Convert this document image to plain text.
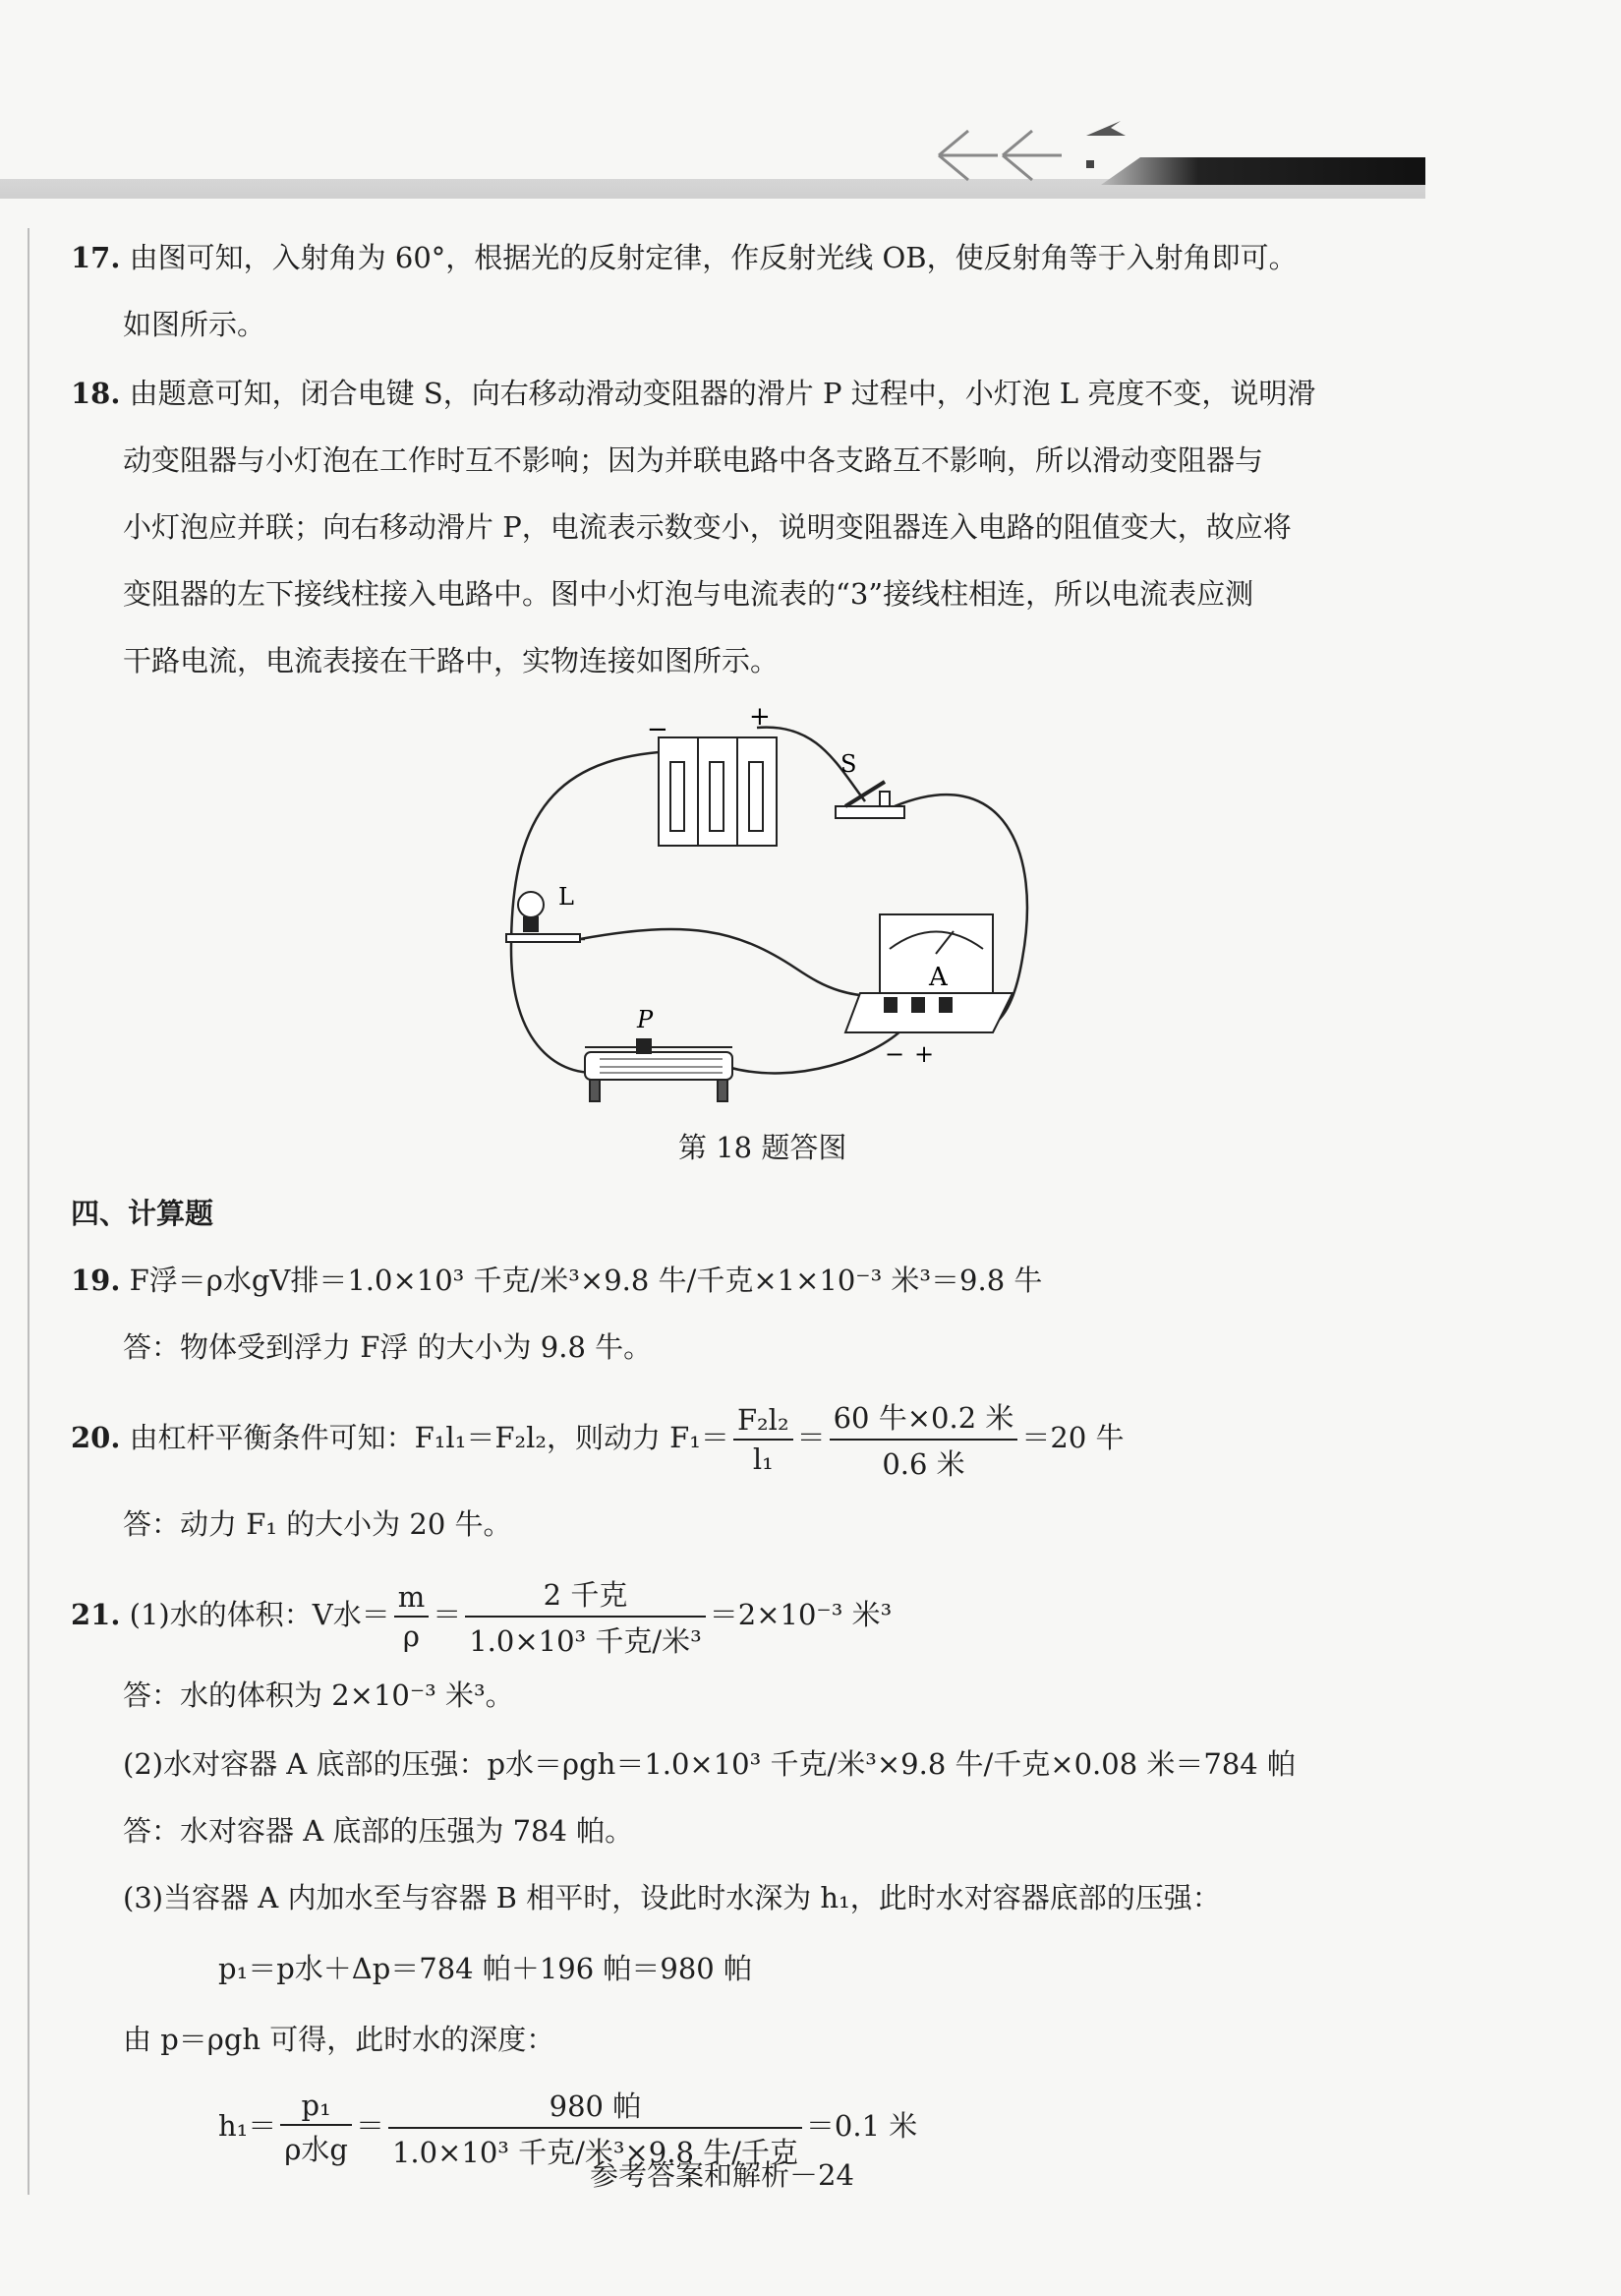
17. 由图可知，入射角为 60°，根据光的反射定律，作反射光线 OB，使反射角等于入射角即可。
如图所示。
18. 由题意可知，闭合电键 S，向右移动滑动变阻器的滑片 P 过程中，小灯泡 L 亮度不变，说明滑
动变阻器与小灯泡在工作时互不影响；因为并联电路中各支路互不影响，所以滑动变阻器与
小灯泡应并联；向右移动滑片 P，电流表示数变小，说明变阻器连入电路的阻值变大，故应将
变阻器的左下接线柱接入电路中。图中小灯泡与电流表的“3”接线柱相连，所以电流表应测
干路电流，电流表接在干路中，实物连接如图所示。
−	+
S
L
A
− +
P
第 18 题答图
四、计算题
19. F浮＝ρ水gV排＝1.0×10³ 千克/米³×9.8 牛/千克×1×10⁻³ 米³＝9.8 牛
答：物体受到浮力 F浮 的大小为 9.8 牛。
20. 由杠杆平衡条件可知：F₁l₁＝F₂l₂，则动力 $F_1= \frac{\text{F₂l₂}}{\text{l₁}} = \frac{\text{60 牛×0.2 米}}{\text{0.6 米}} =20$ 牛
答：动力 F₁ 的大小为 20 牛。
21. (1)水的体积：V水＝ $\frac{m}{\rho} = \frac{\text{2 千克}}{\text{1.0×10³ 千克/米³}} =2\times 10^{-3}$ 米³
答：水的体积为 2×10⁻³ 米³。
(2)水对容器 A 底部的压强：p水＝ρgh＝1.0×10³ 千克/米³×9.8 牛/千克×0.08 米＝784 帕
答：水对容器 A 底部的压强为 784 帕。
(3)当容器 A 内加水至与容器 B 相平时，设此时水深为 h₁，此时水对容器底部的压强：
p₁＝p水＋Δp＝784 帕＋196 帕＝980 帕
由 p＝ρgh 可得，此时水的深度：
$h_1= \frac{\text{p₁}}{\text{ρ水g}} = \frac{\text{980 帕}}{\text{1.0×10³ 千克/米³×9.8 牛/千克}} =0.1$ 米
参考答案和解析－24
